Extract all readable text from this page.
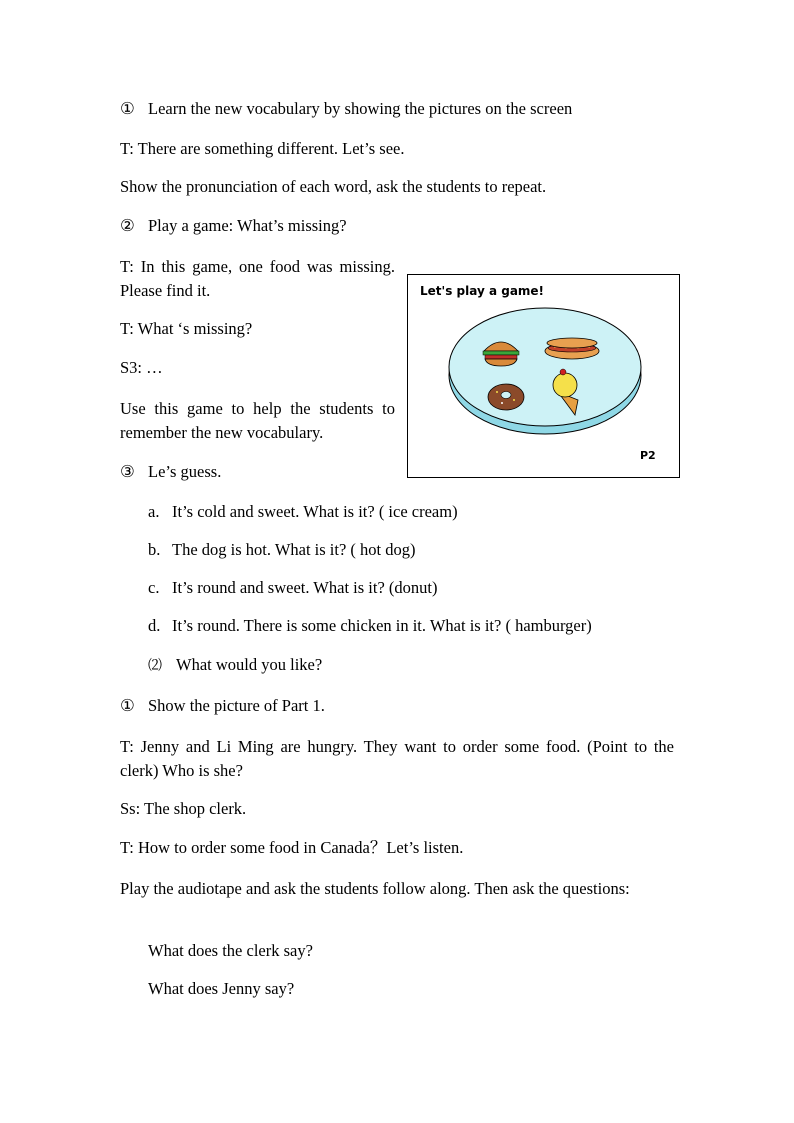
① Learn the new vocabulary by showing the pictures on the screen
T: There are something different. Let’s see.
Show the pronunciation of each word, ask the students to repeat.
② Play a game: What’s missing?
T: In this game, one food was missing. Please find it.
T: What ‘s missing?
S3: …
Use this game to help the students to remember the new vocabulary.
③ Le’s guess.
a. It’s cold and sweet. What is it? ( ice cream)
b. The dog is hot. What is it? ( hot dog)
c. It’s round and sweet. What is it? (donut)
d. It’s round. There is some chicken in it. What is it? ( hamburger)
⑵ What would you like?
① Show the picture of Part 1.
T: Jenny and Li Ming are hungry. They want to order some food. (Point to the clerk) Who is she?
Ss: The shop clerk.
T: How to order some food in Canada？Let’s listen.
Play the audiotape and ask the students follow along. Then ask the questions:
What does the clerk say?
What does Jenny say?
Let's play a game!
P2
